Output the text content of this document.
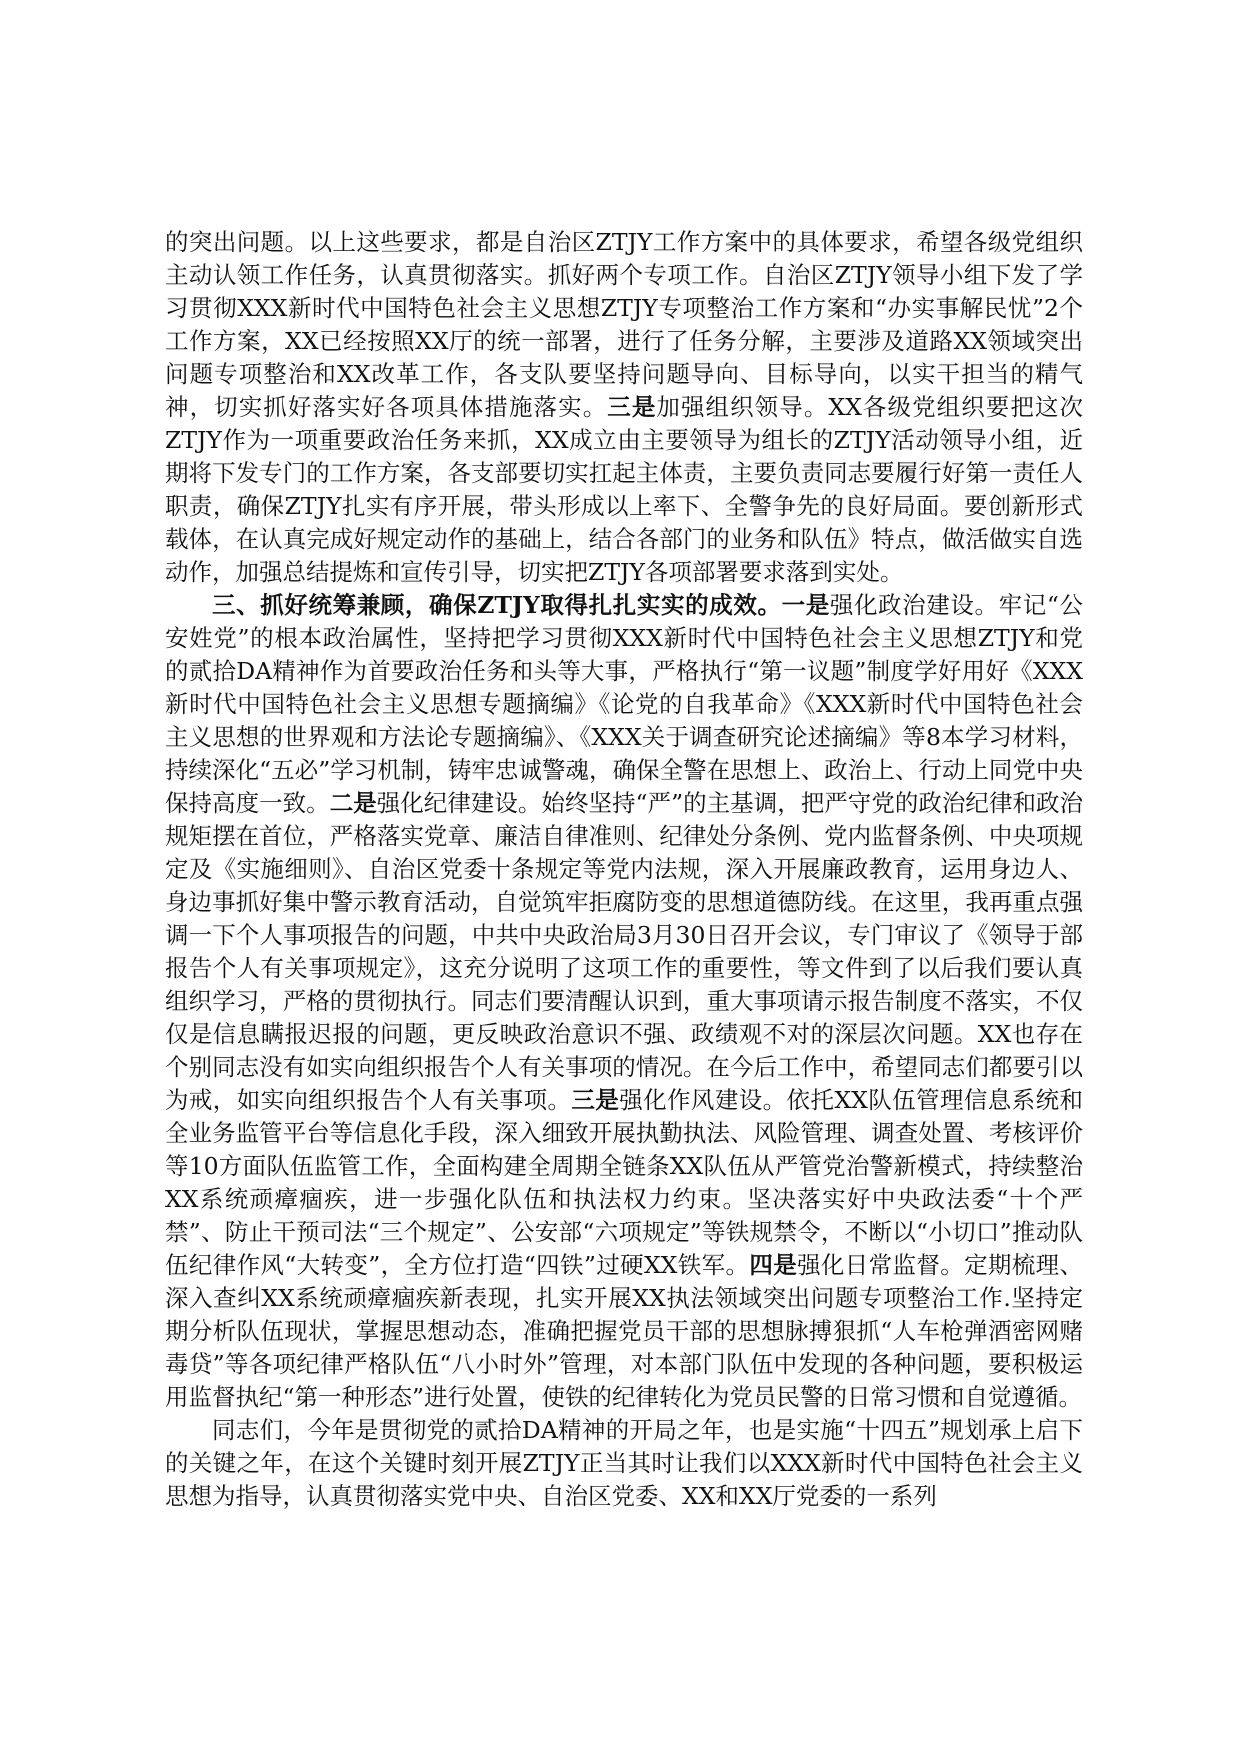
的突出问题。以上这些要求，都是自治区ZTJY工作方案中的具体要求，希望各级党组织主动认领工作任务，认真贯彻落实。抓好两个专项工作。自治区ZTJY领导小组下发了学习贯彻XXX新时代中国特色社会主义思想ZTJY专项整治工作方案和“办实事解民忧”2个工作方案，XX已经按照XX厅的统一部署，进行了任务分解，主要涉及道路XX领域突出问题专项整治和XX改革工作，各支队要坚持问题导向、目标导向，以实干担当的精气神，切实抓好落实好各项具体措施落实。三是加强组织领导。XX各级党组织要把这次ZTJY作为一项重要政治任务来抓，XX成立由主要领导为组长的ZTJY活动领导小组，近期将下发专门的工作方案，各支部要切实扛起主体责，主要负责同志要履行好第一责任人职责，确保ZTJY扎实有序开展，带头形成以上率下、全警争先的良好局面。要创新形式载体，在认真完成好规定动作的基础上，结合各部门的业务和队伍》特点，做活做实自选动作，加强总结提炼和宣传引导，切实把ZTJY各项部署要求落到实处。

三、抓好统筹兼顾，确保ZTJY取得扎扎实实的成效。一是强化政治建设。牢记“公安姓党”的根本政治属性，坚持把学习贯彻XXX新时代中国特色社会主义思想ZTJY和党的贰拾DA精神作为首要政治任务和头等大事，严格执行“第一议题”制度学好用好《XXX新时代中国特色社会主义思想专题摘编》《论党的自我革命》《XXX新时代中国特色社会主义思想的世界观和方法论专题摘编》、《XXX关于调查研究论述摘编》等8本学习材料，持续深化“五必”学习机制，铸牢忠诚警魂，确保全警在思想上、政治上、行动上同党中央保持高度一致。二是强化纪律建设。始终坚持“严”的主基调，把严守党的政治纪律和政治规矩摆在首位，严格落实党章、廉洁自律准则、纪律处分条例、党内监督条例、中央项规定及《实施细则》、自治区党委十条规定等党内法规，深入开展廉政教育，运用身边人、身边事抓好集中警示教育活动，自觉筑牢拒腐防变的思想道德防线。在这里，我再重点强调一下个人事项报告的问题，中共中央政治局3月30日召开会议，专门审议了《领导于部报告个人有关事项规定》，这充分说明了这项工作的重要性，等文件到了以后我们要认真组织学习，严格的贯彻执行。同志们要清醒认识到，重大事项请示报告制度不落实，不仅仅是信息瞒报迟报的问题，更反映政治意识不强、政绩观不对的深层次问题。XX也存在个别同志没有如实向组织报告个人有关事项的情况。在今后工作中，希望同志们都要引以为戒，如实向组织报告个人有关事项。三是强化作风建设。依托XX队伍管理信息系统和全业务监管平台等信息化手段，深入细致开展执勤执法、风险管理、调查处置、考核评价等10方面队伍监管工作，全面构建全周期全链条XX队伍从严管党治警新模式，持续整治XX系统顽瘴痼疾，进一步强化队伍和执法权力约束。坚决落实好中央政法委“十个严禁”、防止干预司法“三个规定”、公安部“六项规定”等铁规禁令，不断以“小切口”推动队伍纪律作风“大转变”，全方位打造“四铁”过硬XX铁军。四是强化日常监督。定期梳理、深入查纠XX系统顽瘴痼疾新表现，扎实开展XX执法领域突出问题专项整治工作.坚持定期分析队伍现状，掌握思想动态，准确把握党员干部的思想脉搏狠抓“人车枪弹酒密网赌毒贷”等各项纪律严格队伍“八小时外”管理，对本部门队伍中发现的各种问题，要积极运用监督执纪“第一种形态”进行处置，使铁的纪律转化为党员民警的日常习惯和自觉遵循。

同志们，今年是贯彻党的贰拾DA精神的开局之年，也是实施“十四五”规划承上启下的关键之年，在这个关键时刻开展ZTJY正当其时让我们以XXX新时代中国特色社会主义思想为指导，认真贯彻落实党中央、自治区党委、XX和XX厅党委的一系列
